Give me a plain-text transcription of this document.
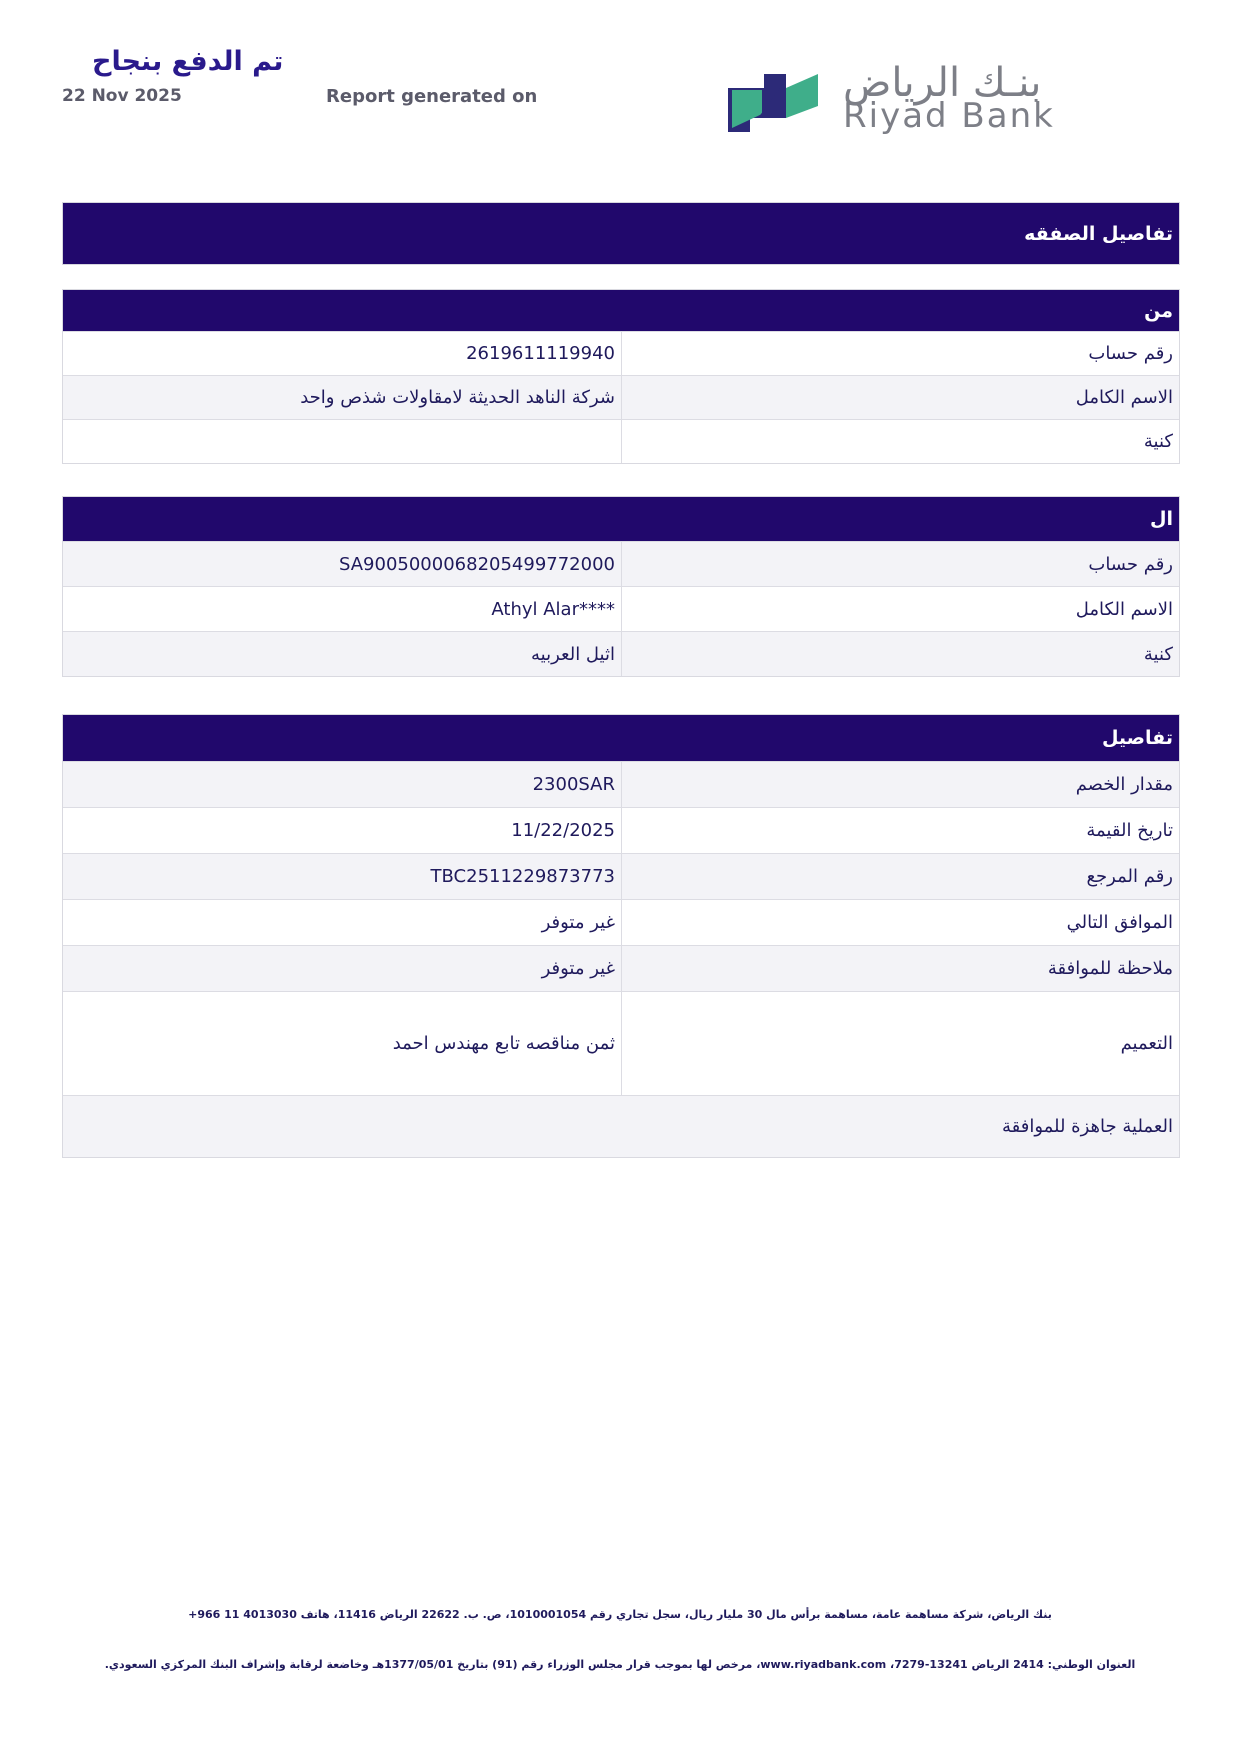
تم الدفع بنجاح
22 Nov 2025	Report generated on	بنـك الرياض
Riyad Bank
تفاصيل الصفقه
من
رقم حساب
2619611119940
الاسم الكامل
شركة الناهد الحديثة لامقاولات شذص واحد
كنية
ال
رقم حساب
SA9005000068205499772000
الاسم الكامل
Athyl Alar****
كنية
اثيل العربيه
تفاصيل
مقدار الخصم
2300SAR
تاريخ القيمة
11/22/2025
رقم المرجع
TBC2511229873773
الموافق التالي
غير متوفر
ملاحظة للموافقة
غير متوفر
التعميم
ثمن مناقصه تابع مهندس احمد
العملية جاهزة للموافقة
بنك الرياض، شركة مساهمة عامة، مساهمة برأس مال 30 مليار ريال، سجل تجاري رقم 1010001054، ص. ب. 22622 الرياض 11416، هاتف 4013030 11 966+
العنوان الوطني: 2414 الرياض 13241-7279، www.riyadbank.com، مرخص لها بموجب قرار مجلس الوزراء رقم (91) بتاريخ 1377/05/01هـ وخاضعة لرقابة وإشراف البنك المركزي السعودي.
